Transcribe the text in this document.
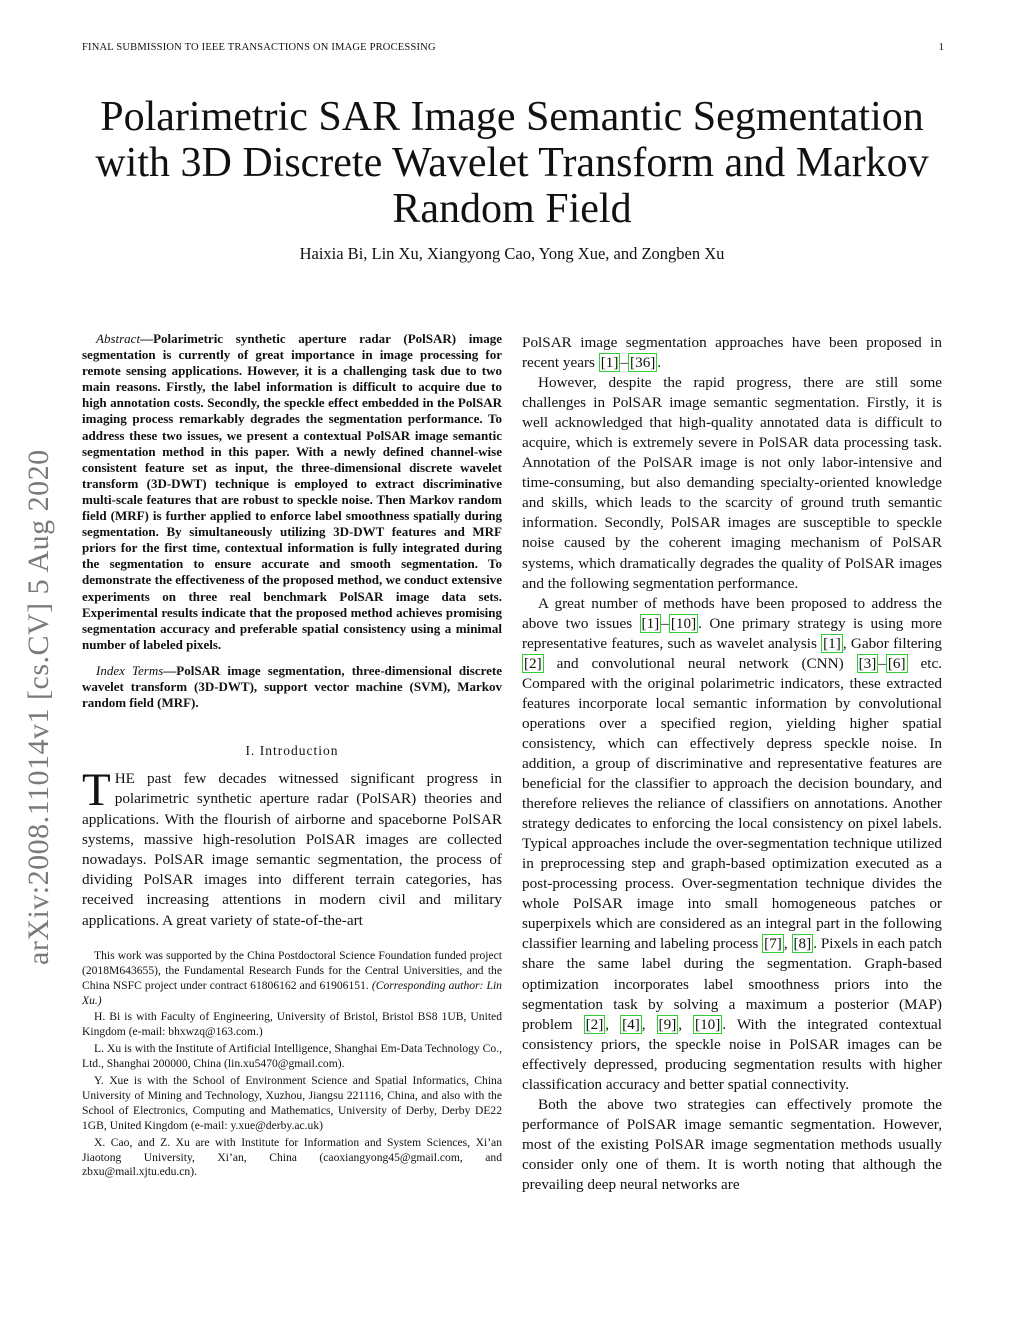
FINAL SUBMISSION TO IEEE TRANSACTIONS ON IMAGE PROCESSING	1
arXiv:2008.11014v1 [cs.CV] 5 Aug 2020
Polarimetric SAR Image Semantic Segmentation with 3D Discrete Wavelet Transform and Markov Random Field
Haixia Bi, Lin Xu, Xiangyong Cao, Yong Xue, and Zongben Xu

Abstract—Polarimetric synthetic aperture radar (PolSAR) image segmentation is currently of great importance in image processing for remote sensing applications. However, it is a challenging task due to two main reasons. Firstly, the label information is difficult to acquire due to high annotation costs. Secondly, the speckle effect embedded in the PolSAR imaging process remarkably degrades the segmentation performance. To address these two issues, we present a contextual PolSAR image semantic segmentation method in this paper. With a newly defined channel-wise consistent feature set as input, the three-dimensional discrete wavelet transform (3D-DWT) technique is employed to extract discriminative multi-scale features that are robust to speckle noise. Then Markov random field (MRF) is further applied to enforce label smoothness spatially during segmentation. By simultaneously utilizing 3D-DWT features and MRF priors for the first time, contextual information is fully integrated during the segmentation to ensure accurate and smooth segmentation. To demonstrate the effectiveness of the proposed method, we conduct extensive experiments on three real benchmark PolSAR image data sets. Experimental results indicate that the proposed method achieves promising segmentation accuracy and preferable spatial consistency using a minimal number of labeled pixels.

Index Terms—PolSAR image segmentation, three-dimensional discrete wavelet transform (3D-DWT), support vector machine (SVM), Markov random field (MRF).

I. Introduction

THE past few decades witnessed significant progress in polarimetric synthetic aperture radar (PolSAR) theories and applications. With the flourish of airborne and spaceborne PolSAR systems, massive high-resolution PolSAR images are collected nowadays. PolSAR image semantic segmentation, the process of dividing PolSAR images into different terrain categories, has received increasing attentions in modern civil and military applications. A great variety of state-of-the-art

This work was supported by the China Postdoctoral Science Foundation funded project (2018M643655), the Fundamental Research Funds for the Central Universities, and the China NSFC project under contract 61806162 and 61906151. (Corresponding author: Lin Xu.)

H. Bi is with Faculty of Engineering, University of Bristol, Bristol BS8 1UB, United Kingdom (e-mail: bhxwzq@163.com.)

L. Xu is with the Institute of Artificial Intelligence, Shanghai Em-Data Technology Co., Ltd., Shanghai 200000, China (lin.xu5470@gmail.com).

Y. Xue is with the School of Environment Science and Spatial Informatics, China University of Mining and Technology, Xuzhou, Jiangsu 221116, China, and also with the School of Electronics, Computing and Mathematics, University of Derby, Derby DE22 1GB, United Kingdom (e-mail: y.xue@derby.ac.uk)

X. Cao, and Z. Xu are with Institute for Information and System Sciences, Xi’an Jiaotong University, Xi’an, China (caoxiangyong45@gmail.com, and zbxu@mail.xjtu.edu.cn).

PolSAR image segmentation approaches have been proposed in recent years [1] – [36] .

However, despite the rapid progress, there are still some challenges in PolSAR image semantic segmentation. Firstly, it is well acknowledged that high-quality annotated data is difficult to acquire, which is extremely severe in PolSAR data processing task. Annotation of the PolSAR image is not only labor-intensive and time-consuming, but also demanding specialty-oriented knowledge and skills, which leads to the scarcity of ground truth semantic information. Secondly, PolSAR images are susceptible to speckle noise caused by the coherent imaging mechanism of PolSAR systems, which dramatically degrades the quality of PolSAR images and the following segmentation performance.

A great number of methods have been proposed to address the above two issues [1] – [10] . One primary strategy is using more representative features, such as wavelet analysis [1] , Gabor filtering [2] and convolutional neural network (CNN) [3] – [6] etc. Compared with the original polarimetric indicators, these extracted features incorporate local semantic information by convolutional operations over a specified region, yielding higher spatial consistency, which can effectively depress speckle noise. In addition, a group of discriminative and representative features are beneficial for the classifier to approach the decision boundary, and therefore relieves the reliance of classifiers on annotations. Another strategy dedicates to enforcing the local consistency on pixel labels. Typical approaches include the over-segmentation technique utilized in preprocessing step and graph-based optimization executed as a post-processing process. Over-segmentation technique divides the whole PolSAR image into small homogeneous patches or superpixels which are considered as an integral part in the following classifier learning and labeling process [7] , [8] . Pixels in each patch share the same label during the segmentation. Graph-based optimization incorporates label smoothness priors into the segmentation task by solving a maximum a posterior (MAP) problem [2] , [4] , [9] , [10] . With the integrated contextual consistency priors, the speckle noise in PolSAR images can be effectively depressed, producing segmentation results with higher classification accuracy and better spatial connectivity.

Both the above two strategies can effectively promote the performance of PolSAR image semantic segmentation. However, most of the existing PolSAR image segmentation methods usually consider only one of them. It is worth noting that although the prevailing deep neural networks are
